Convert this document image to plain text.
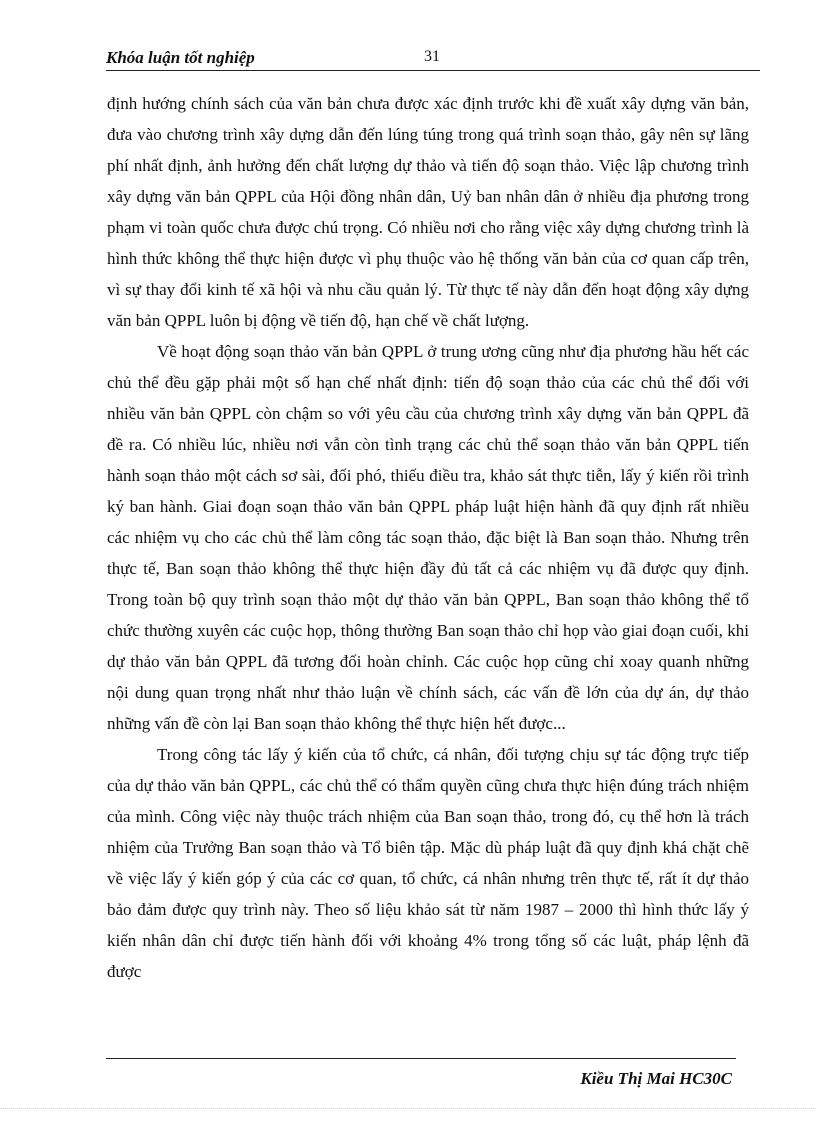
Khóa luận tốt nghiệp	31

định hướng chính sách của văn bản chưa được xác định trước khi đề xuất xây dựng văn bản, đưa vào chương trình xây dựng dẫn đến lúng túng trong quá trình soạn thảo, gây nên sự lãng phí nhất định, ảnh hưởng đến chất lượng dự thảo và tiến độ soạn thảo. Việc lập chương trình xây dựng văn bản QPPL của Hội đồng nhân dân, Uỷ ban nhân dân ở nhiều địa phương trong phạm vi toàn quốc chưa được chú trọng. Có nhiều nơi cho rằng việc xây dựng chương trình là hình thức không thể thực hiện được vì phụ thuộc vào hệ thống văn bản của cơ quan cấp trên, vì sự thay đổi kinh tế xã hội và nhu cầu quản lý. Từ thực tế này dẫn đến hoạt động xây dựng văn bản QPPL luôn bị động về tiến độ, hạn chế về chất lượng.

Về hoạt động soạn thảo văn bản QPPL ở trung ương cũng như địa phương hầu hết các chủ thể đều gặp phải một số hạn chế nhất định: tiến độ soạn thảo của các chủ thể đối với nhiều văn bản QPPL còn chậm so với yêu cầu của chương trình xây dựng văn bản QPPL đã đề ra. Có nhiều lúc, nhiều nơi vẫn còn tình trạng các chủ thể soạn thảo văn bản QPPL tiến hành soạn thảo một cách sơ sài, đối phó, thiếu điều tra, khảo sát thực tiễn, lấy ý kiến rồi trình ký ban hành. Giai đoạn soạn thảo văn bản QPPL pháp luật hiện hành đã quy định rất nhiều các nhiệm vụ cho các chủ thể làm công tác soạn thảo, đặc biệt là Ban soạn thảo. Nhưng trên thực tế, Ban soạn thảo không thể thực hiện đầy đủ tất cả các nhiệm vụ đã được quy định. Trong toàn bộ quy trình soạn thảo một dự thảo văn bản QPPL, Ban soạn thảo không thể tổ chức thường xuyên các cuộc họp, thông thường Ban soạn thảo chỉ họp vào giai đoạn cuối, khi dự thảo văn bản QPPL đã tương đối hoàn chỉnh. Các cuộc họp cũng chỉ xoay quanh những nội dung quan trọng nhất như thảo luận về chính sách, các vấn đề lớn của dự án, dự thảo những vấn đề còn lại Ban soạn thảo không thể thực hiện hết được...

Trong công tác lấy ý kiến của tổ chức, cá nhân, đối tượng chịu sự tác động trực tiếp của dự thảo văn bản QPPL, các chủ thể có thẩm quyền cũng chưa thực hiện đúng trách nhiệm của mình. Công việc này thuộc trách nhiệm của Ban soạn thảo, trong đó, cụ thể hơn là trách nhiệm của Trưởng Ban soạn thảo và Tổ biên tập. Mặc dù pháp luật đã quy định khá chặt chẽ về việc lấy ý kiến góp ý của các cơ quan, tổ chức, cá nhân nhưng trên thực tế, rất ít dự thảo bảo đảm được quy trình này. Theo số liệu khảo sát từ năm 1987 – 2000 thì hình thức lấy ý kiến nhân dân chỉ được tiến hành đối với khoảng 4% trong tổng số các luật, pháp lệnh đã được

Kiều Thị Mai HC30C
